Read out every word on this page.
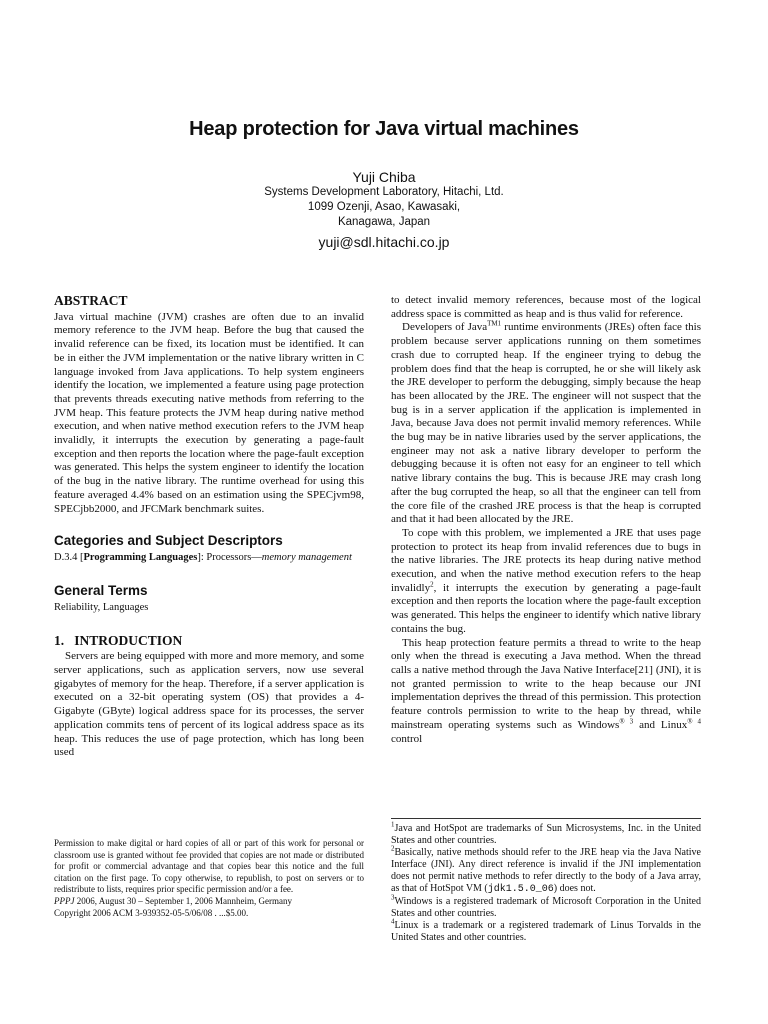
Heap protection for Java virtual machines
Yuji Chiba
Systems Development Laboratory, Hitachi, Ltd.
1099 Ozenji, Asao, Kawasaki,
Kanagawa, Japan
yuji@sdl.hitachi.co.jp
ABSTRACT

Java virtual machine (JVM) crashes are often due to an invalid memory reference to the JVM heap. Before the bug that caused the invalid reference can be fixed, its location must be identified. It can be in either the JVM implementation or the native library written in C language invoked from Java applications. To help system engineers identify the location, we implemented a feature using page protection that prevents threads executing native methods from referring to the JVM heap. This feature protects the JVM heap during native method execution, and when native method execution refers to the JVM heap invalidly, it interrupts the execution by generating a page-fault exception and then reports the location where the page-fault exception was generated. This helps the system engineer to identify the location of the bug in the native library. The runtime overhead for using this feature averaged 4.4% based on an estimation using the SPECjvm98, SPECjbb2000, and JFCMark benchmark suites.

Categories and Subject Descriptors

D.3.4 [Programming Languages]: Processors—memory management

General Terms

Reliability, Languages

1.   INTRODUCTION

Servers are being equipped with more and more memory, and some server applications, such as application servers, now use several gigabytes of memory for the heap. Therefore, if a server application is executed on a 32-bit operating system (OS) that provides a 4-Gigabyte (GByte) logical address space for its processes, the server application commits tens of percent of its logical address space as its heap. This reduces the use of page protection, which has long been used

Permission to make digital or hard copies of all or part of this work for personal or classroom use is granted without fee provided that copies are not made or distributed for profit or commercial advantage and that copies bear this notice and the full citation on the first page. To copy otherwise, to republish, to post on servers or to redistribute to lists, requires prior specific permission and/or a fee.

PPPJ 2006, August 30 – September 1, 2006 Mannheim, Germany

Copyright 2006 ACM 3-939352-05-5/06/08 . ...$5.00.

to detect invalid memory references, because most of the logical address space is committed as heap and is thus valid for reference.

Developers of Java$^{TM1}$ runtime environments (JREs) often face this problem because server applications running on them sometimes crash due to corrupted heap. If the engineer trying to debug the problem does find that the heap is corrupted, he or she will likely ask the JRE developer to perform the debugging, simply because the heap has been allocated by the JRE. The engineer will not suspect that the bug is in a server application if the application is implemented in Java, because Java does not permit invalid memory references. While the bug may be in native libraries used by the server applications, the engineer may not ask a native library developer to perform the debugging because it is often not easy for an engineer to tell which native library contains the bug. This is because JRE may crash long after the bug corrupted the heap, so all that the engineer can tell from the core file of the crashed JRE process is that the heap is corrupted and that it had been allocated by the JRE.

To cope with this problem, we implemented a JRE that uses page protection to protect its heap from invalid references due to bugs in the native libraries. The JRE protects its heap during native method execution, and when the native method execution refers to the heap invalidly$^2$, it interrupts the execution by generating a page-fault exception and then reports the location where the page-fault exception was generated. This helps the engineer to identify which native library contains the bug.

This heap protection feature permits a thread to write to the heap only when the thread is executing a Java method. When the thread calls a native method through the Java Native Interface[21] (JNI), it is not granted permission to write to the heap because our JNI implementation deprives the thread of this permission. This protection feature controls permission to write to the heap by thread, while mainstream operating systems such as Windows$^{® 3}$ and Linux$^{® 4}$ control

$^1$Java and HotSpot are trademarks of Sun Microsystems, Inc. in the United States and other countries.

$^2$Basically, native methods should refer to the JRE heap via the Java Native Interface (JNI). Any direct reference is invalid if the JNI implementation does not permit native methods to refer directly to the body of a Java array, as that of HotSpot VM (jdk1.5.0_06) does not.

$^3$Windows is a registered trademark of Microsoft Corporation in the United States and other countries.

$^4$Linux is a trademark or a registered trademark of Linus Torvalds in the United States and other countries.
